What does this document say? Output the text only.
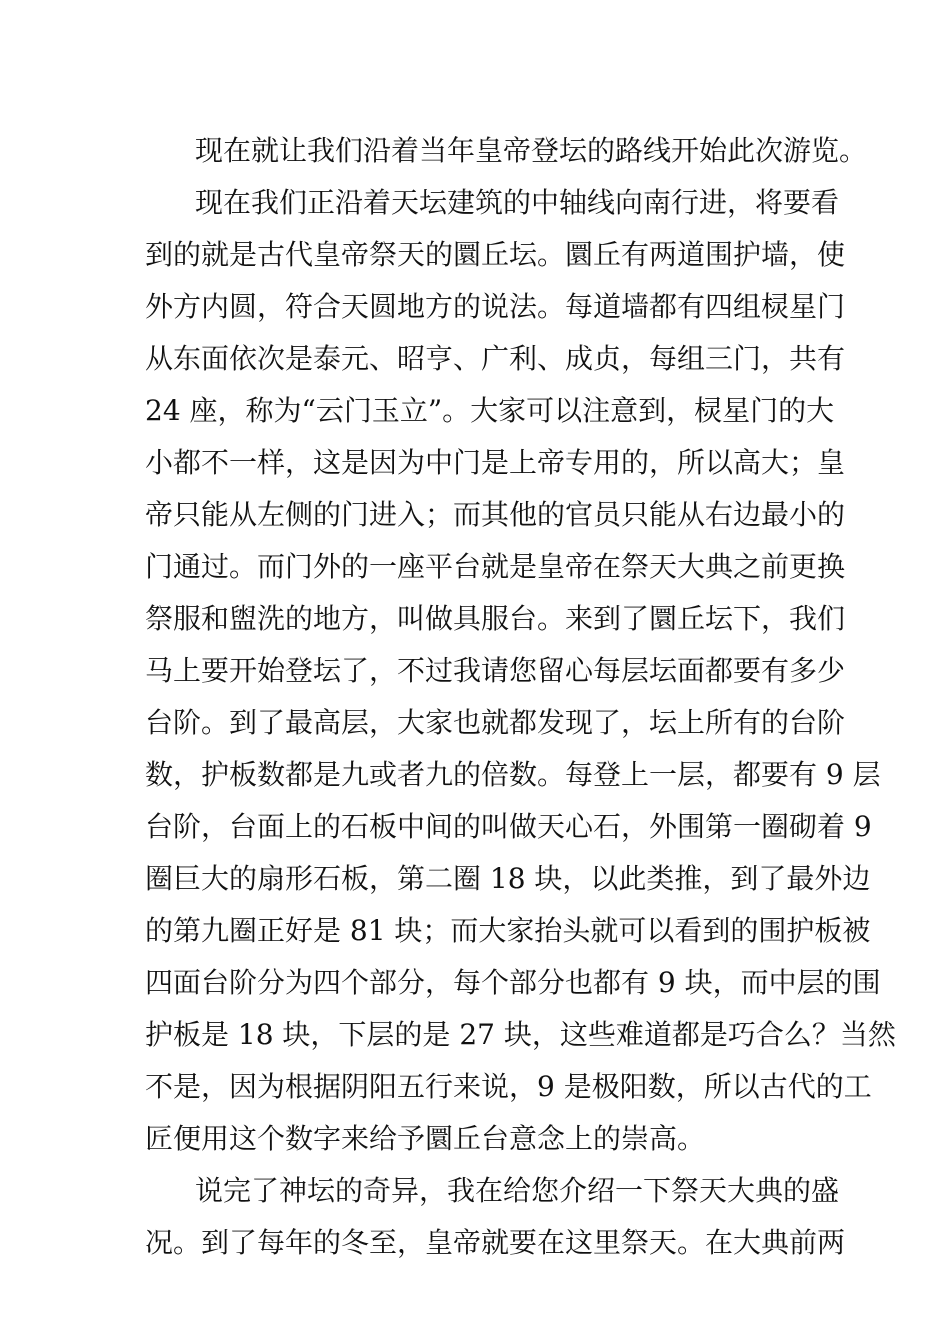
现在就让我们沿着当年皇帝登坛的路线开始此次游览。
现在我们正沿着天坛建筑的中轴线向南行进，将要看
到的就是古代皇帝祭天的圜丘坛。圜丘有两道围护墙，使
外方内圆，符合天圆地方的说法。每道墙都有四组棂星门
从东面依次是泰元、昭亨、广利、成贞，每组三门，共有
24 座，称为“云门玉立”。大家可以注意到，棂星门的大
小都不一样，这是因为中门是上帝专用的，所以高大；皇
帝只能从左侧的门进入；而其他的官员只能从右边最小的
门通过。而门外的一座平台就是皇帝在祭天大典之前更换
祭服和盥洗的地方，叫做具服台。来到了圜丘坛下，我们
马上要开始登坛了，不过我请您留心每层坛面都要有多少
台阶。到了最高层，大家也就都发现了，坛上所有的台阶
数，护板数都是九或者九的倍数。每登上一层，都要有 9 层
台阶，台面上的石板中间的叫做天心石，外围第一圈砌着 9
圈巨大的扇形石板，第二圈 18 块，以此类推，到了最外边
的第九圈正好是 81 块；而大家抬头就可以看到的围护板被
四面台阶分为四个部分，每个部分也都有 9 块，而中层的围
护板是 18 块，下层的是 27 块，这些难道都是巧合么？当然
不是，因为根据阴阳五行来说，9 是极阳数，所以古代的工
匠便用这个数字来给予圜丘台意念上的崇高。
说完了神坛的奇异，我在给您介绍一下祭天大典的盛
况。到了每年的冬至，皇帝就要在这里祭天。在大典前两
